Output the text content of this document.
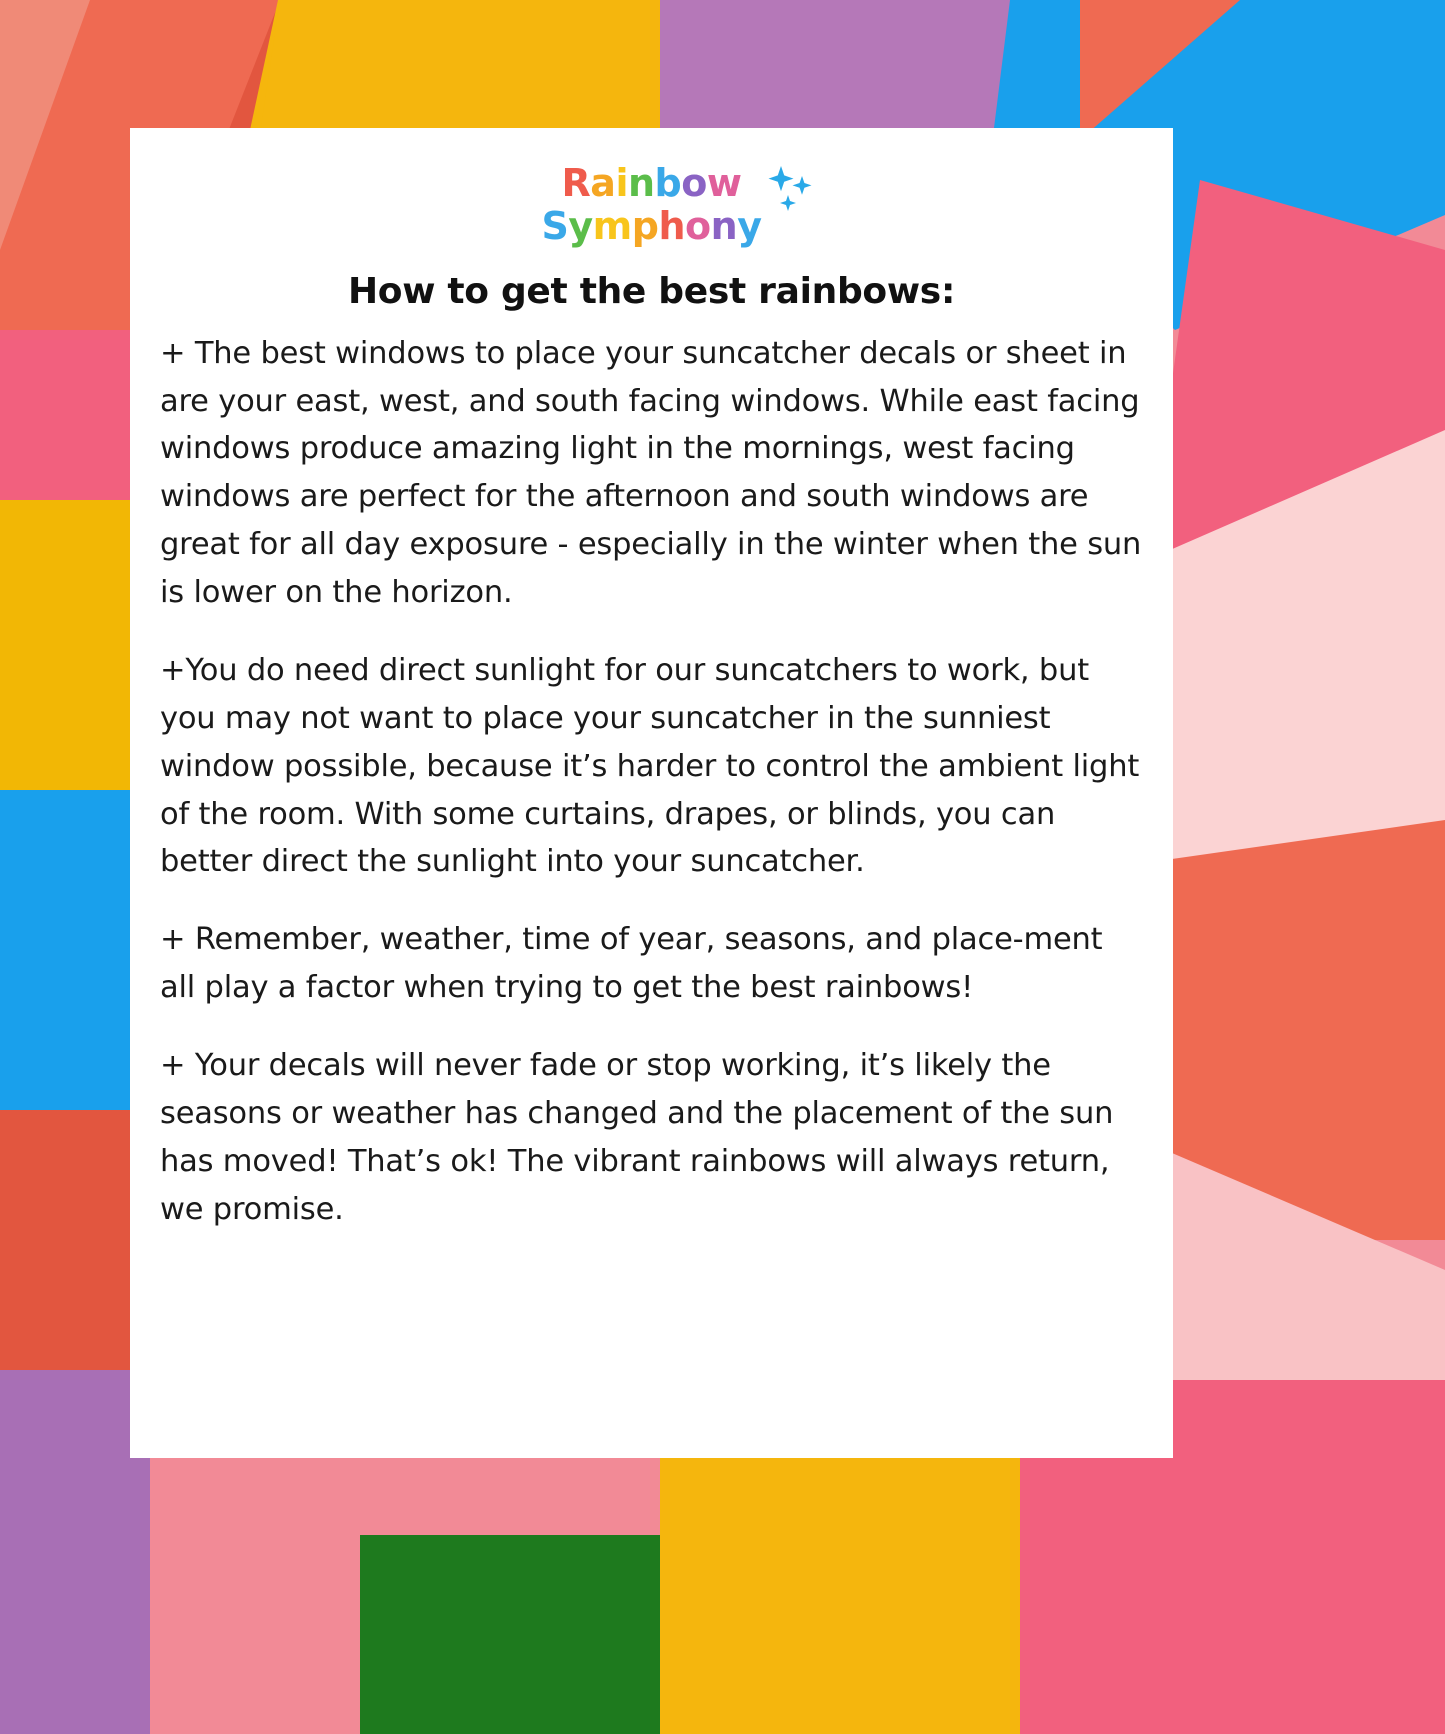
Rainbow
Symphony
How to get the best rainbows:

+ The best windows to place your suncatcher decals or sheet in are your east, west, and south facing windows. While east facing windows produce amazing light in the mornings, west facing windows are perfect for the afternoon and south windows are great for all day exposure - especially in the winter when the sun is lower on the horizon.

+You do need direct sunlight for our suncatchers to work, but you may not want to place your suncatcher in the sunniest window possible, because it’s harder to control the ambient light of the room. With some curtains, drapes, or blinds, you can better direct the sunlight into your suncatcher.

+ Remember, weather, time of year, seasons, and place-ment all play a factor when trying to get the best rainbows!

+ Your decals will never fade or stop working, it’s likely the seasons or weather has changed and the placement of the sun has moved! That’s ok! The vibrant rainbows will always return, we promise.
